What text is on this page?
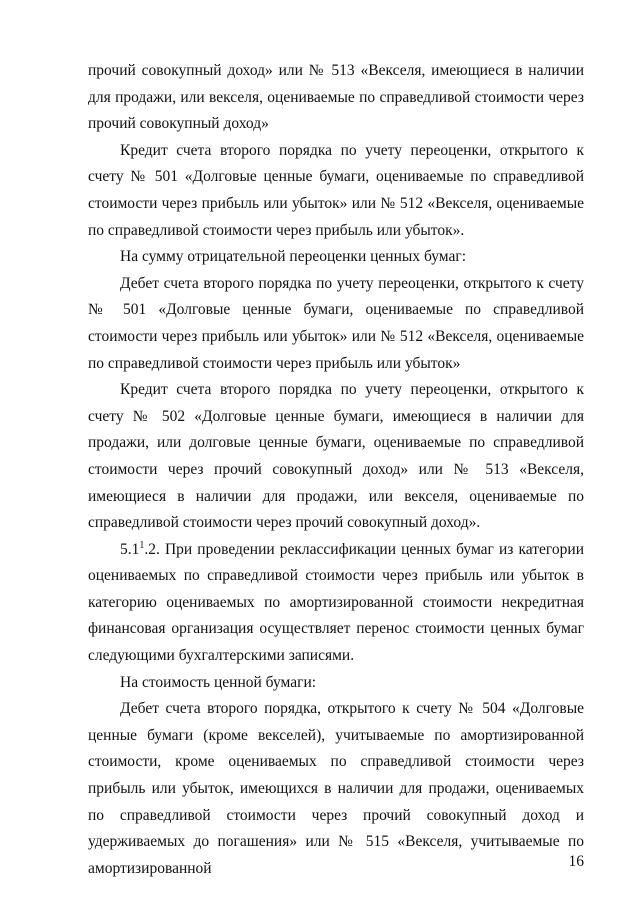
прочий совокупный доход» или № 513 «Векселя, имеющиеся в наличии для продажи, или векселя, оцениваемые по справедливой стоимости через прочий совокупный доход»

Кредит счета второго порядка по учету переоценки, открытого к счету № 501 «Долговые ценные бумаги, оцениваемые по справедливой стоимости через прибыль или убыток» или № 512 «Векселя, оцениваемые по справедливой стоимости через прибыль или убыток».

На сумму отрицательной переоценки ценных бумаг:

Дебет счета второго порядка по учету переоценки, открытого к счету № 501 «Долговые ценные бумаги, оцениваемые по справедливой стоимости через прибыль или убыток» или № 512 «Векселя, оцениваемые по справедливой стоимости через прибыль или убыток»

Кредит счета второго порядка по учету переоценки, открытого к счету № 502 «Долговые ценные бумаги, имеющиеся в наличии для продажи, или долговые ценные бумаги, оцениваемые по справедливой стоимости через прочий совокупный доход» или № 513 «Векселя, имеющиеся в наличии для продажи, или векселя, оцениваемые по справедливой стоимости через прочий совокупный доход».

$5.1^1.2$. При проведении реклассификации ценных бумаг из категории оцениваемых по справедливой стоимости через прибыль или убыток в категорию оцениваемых по амортизированной стоимости некредитная финансовая организация осуществляет перенос стоимости ценных бумаг следующими бухгалтерскими записями.

На стоимость ценной бумаги:

Дебет счета второго порядка, открытого к счету № 504 «Долговые ценные бумаги (кроме векселей), учитываемые по амортизированной стоимости, кроме оцениваемых по справедливой стоимости через прибыль или убыток, имеющихся в наличии для продажи, оцениваемых по справедливой стоимости через прочий совокупный доход и удерживаемых до погашения» или № 515 «Векселя, учитываемые по амортизированной	16
